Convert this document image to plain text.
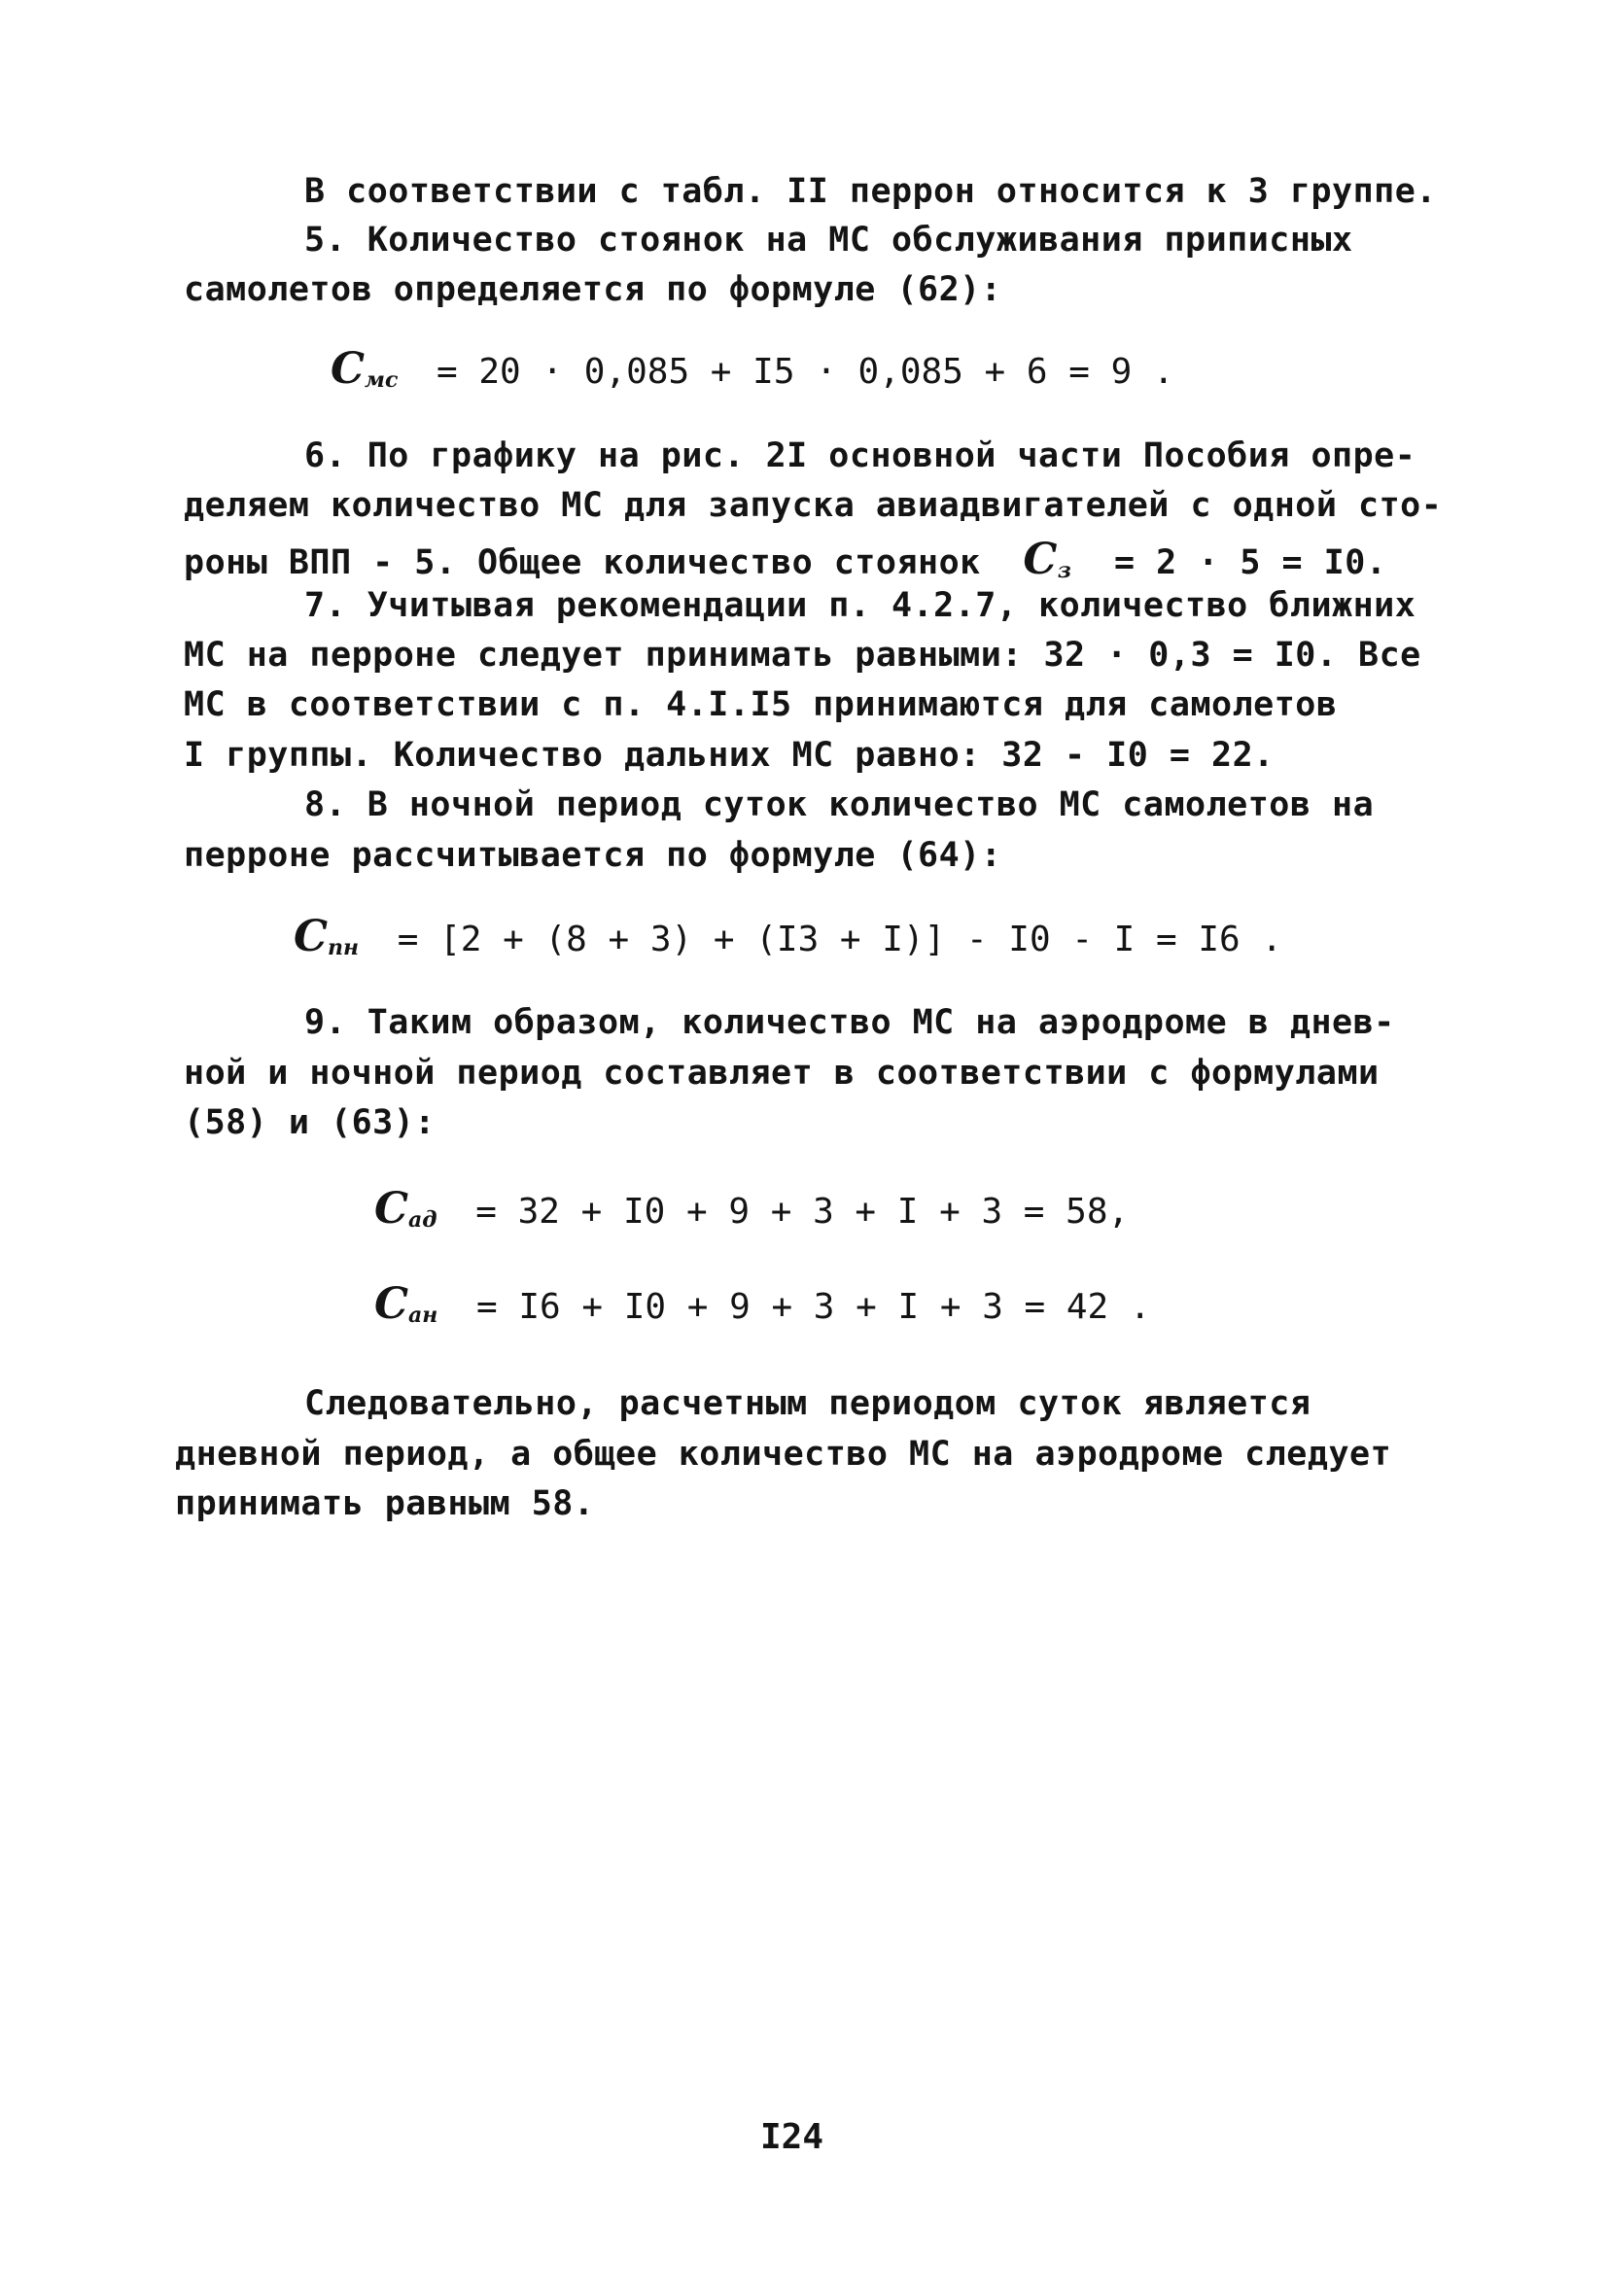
В соответствии с табл. II перрон относится к 3 группе.
5. Количество стоянок на МС обслуживания приписных
самолетов определяется по формуле (62):
Cмс = 20 · 0,085 + I5 · 0,085 + 6 = 9 .
6. По графику на рис. 2I основной части Пособия опре-
деляем количество МС для запуска авиадвигателей с одной сто-
роны ВПП - 5. Общее количество стоянок Cз = 2 · 5 = I0.
7. Учитывая рекомендации п. 4.2.7, количество ближних
МС на перроне следует принимать равными: 32 · 0,3 = I0. Все
МС в соответствии с п. 4.I.I5 принимаются для самолетов
I группы. Количество дальних МС равно: 32 - I0 = 22.
8. В ночной период суток количество МС самолетов на
перроне рассчитывается по формуле (64):
Cпн = [2 + (8 + 3) + (I3 + I)] - I0 - I = I6 .
9. Таким образом, количество МС на аэродроме в днев-
ной и ночной период составляет в соответствии с формулами
(58) и (63):
Cад = 32 + I0 + 9 + 3 + I + 3 = 58,
Cан = I6 + I0 + 9 + 3 + I + 3 = 42 .
Следовательно, расчетным периодом суток является
дневной период, а общее количество МС на аэродроме следует
принимать равным 58.
I24
